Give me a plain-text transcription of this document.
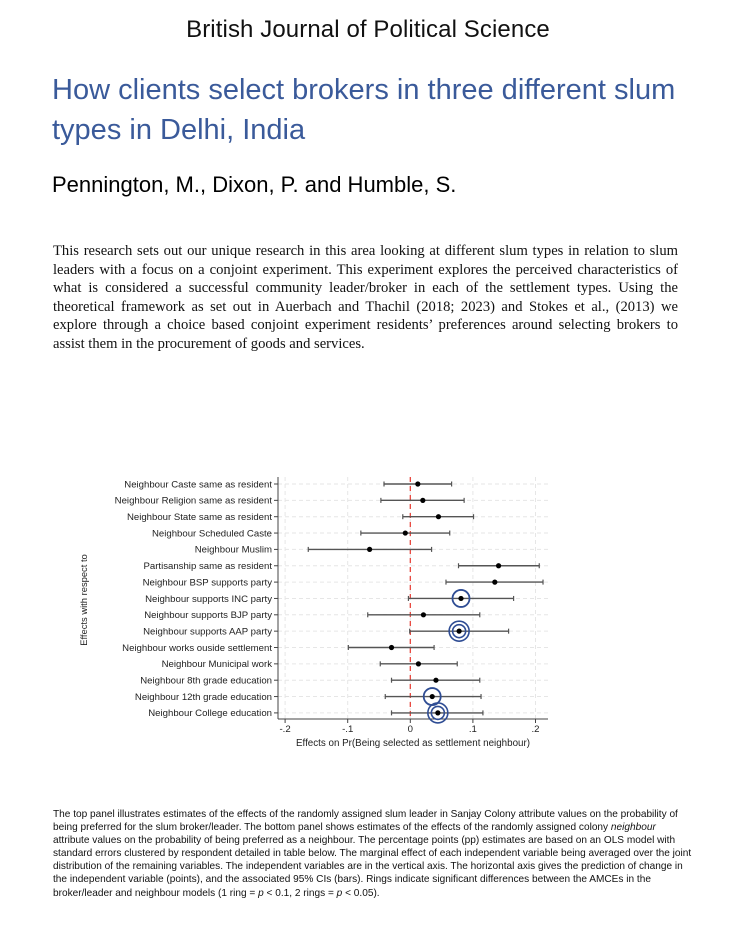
British Journal of Political Science
How clients select brokers in three different slum types in Delhi, India
Pennington, M., Dixon, P. and Humble, S.
This research sets out our unique research in this area looking at different slum types in relation to slum leaders with a focus on a conjoint experiment. This experiment explores the perceived characteristics of what is considered a successful community leader/broker in each of the settlement types. Using the theoretical framework as set out in Auerbach and Thachil (2018; 2023) and Stokes et al., (2013) we explore through a choice based conjoint experiment residents’ preferences around selecting brokers to assist them in the procurement of goods and services.
Neighbour Caste same as resident
Neighbour Religion same as resident
Neighbour State same as resident
Neighbour Scheduled Caste
Neighbour Muslim
Partisanship same as resident
Neighbour BSP supports party
Neighbour supports INC party
Neighbour supports BJP party
Neighbour supports AAP party
Neighbour works ouside settlement
Neighbour Municipal work
Neighbour 8th grade education
Neighbour 12th grade education
Neighbour College education
-.2	-.1	0	.1	.2
Effects on Pr(Being selected as settlement neighbour)
Effects with respect to
The top panel illustrates estimates of the effects of the randomly assigned slum leader in Sanjay Colony attribute values on the probability of being preferred for the slum broker/leader. The bottom panel shows estimates of the effects of the randomly assigned colony neighbour attribute values on the probability of being preferred as a neighbour. The percentage points (pp) estimates are based on an OLS model with standard errors clustered by respondent detailed in table below. The marginal effect of each independent variable being averaged over the joint distribution of the remaining variables. The independent variables are in the vertical axis. The horizontal axis gives the prediction of change in the independent variable (points), and the associated 95% CIs (bars). Rings indicate significant differences between the AMCEs in the broker/leader and neighbour models (1 ring = p < 0.1, 2 rings = p < 0.05).
